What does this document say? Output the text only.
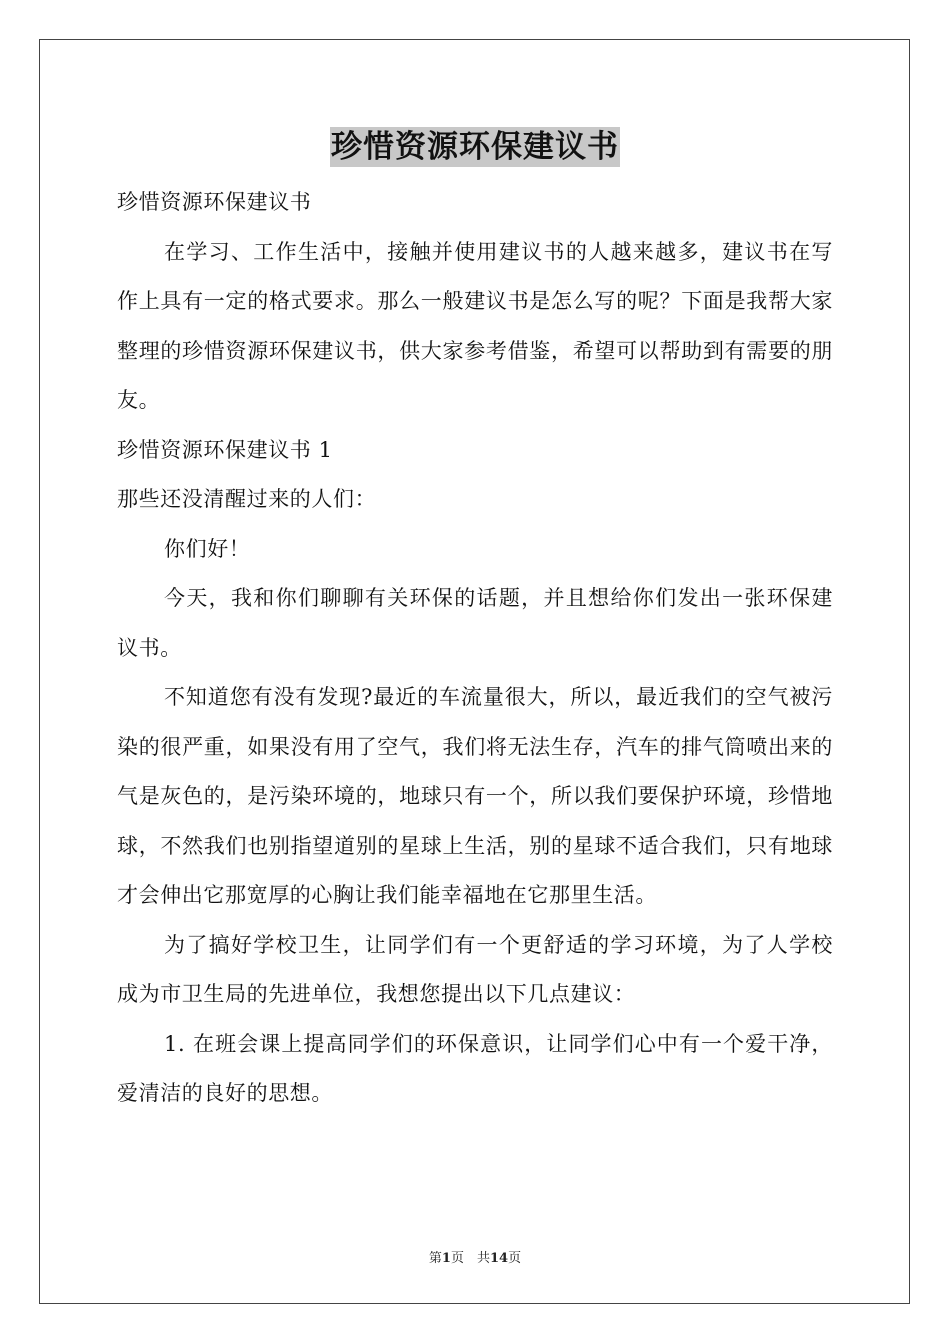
珍惜资源环保建议书

珍惜资源环保建议书

在学习、工作生活中，接触并使用建议书的人越来越多，建议书在写作上具有一定的格式要求。那么一般建议书是怎么写的呢？下面是我帮大家整理的珍惜资源环保建议书，供大家参考借鉴，希望可以帮助到有需要的朋友。

珍惜资源环保建议书 1

那些还没清醒过来的人们：

你们好！

今天，我和你们聊聊有关环保的话题，并且想给你们发出一张环保建议书。

不知道您有没有发现?最近的车流量很大，所以，最近我们的空气被污染的很严重，如果没有用了空气，我们将无法生存，汽车的排气筒喷出来的气是灰色的，是污染环境的，地球只有一个，所以我们要保护环境，珍惜地球，不然我们也别指望道别的星球上生活，别的星球不适合我们，只有地球才会伸出它那宽厚的心胸让我们能幸福地在它那里生活。

为了搞好学校卫生，让同学们有一个更舒适的学习环境，为了人学校成为市卫生局的先进单位，我想您提出以下几点建议：

1. 在班会课上提高同学们的环保意识，让同学们心中有一个爱干净，爱清洁的良好的思想。

第1页　共14页
